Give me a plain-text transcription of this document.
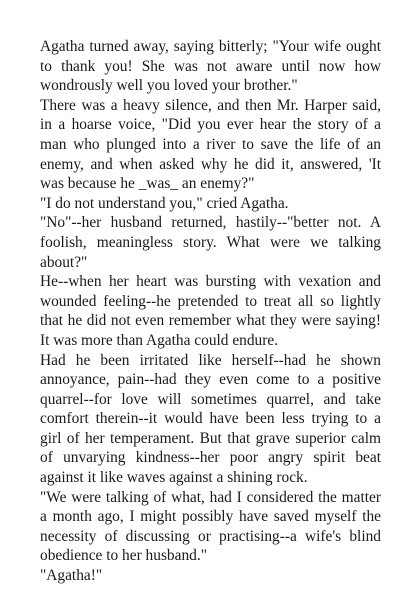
Agatha turned away, saying bitterly; "Your wife ought to thank you! She was not aware until now how wondrously well you loved your brother."

There was a heavy silence, and then Mr. Harper said, in a hoarse voice, "Did you ever hear the story of a man who plunged into a river to save the life of an enemy, and when asked why he did it, answered, 'It was because he _was_ an enemy?"

"I do not understand you," cried Agatha.

"No"--her husband returned, hastily--"better not. A foolish, meaningless story. What were we talking about?"

He--when her heart was bursting with vexation and wounded feeling--he pretended to treat all so lightly that he did not even remember what they were saying! It was more than Agatha could endure.

Had he been irritated like herself--had he shown annoyance, pain--had they even come to a positive quarrel--for love will sometimes quarrel, and take comfort therein--it would have been less trying to a girl of her temperament. But that grave superior calm of unvarying kindness--her poor angry spirit beat against it like waves against a shining rock.

"We were talking of what, had I considered the matter a month ago, I might possibly have saved myself the necessity of discussing or practising--a wife's blind obedience to her husband."

"Agatha!"
